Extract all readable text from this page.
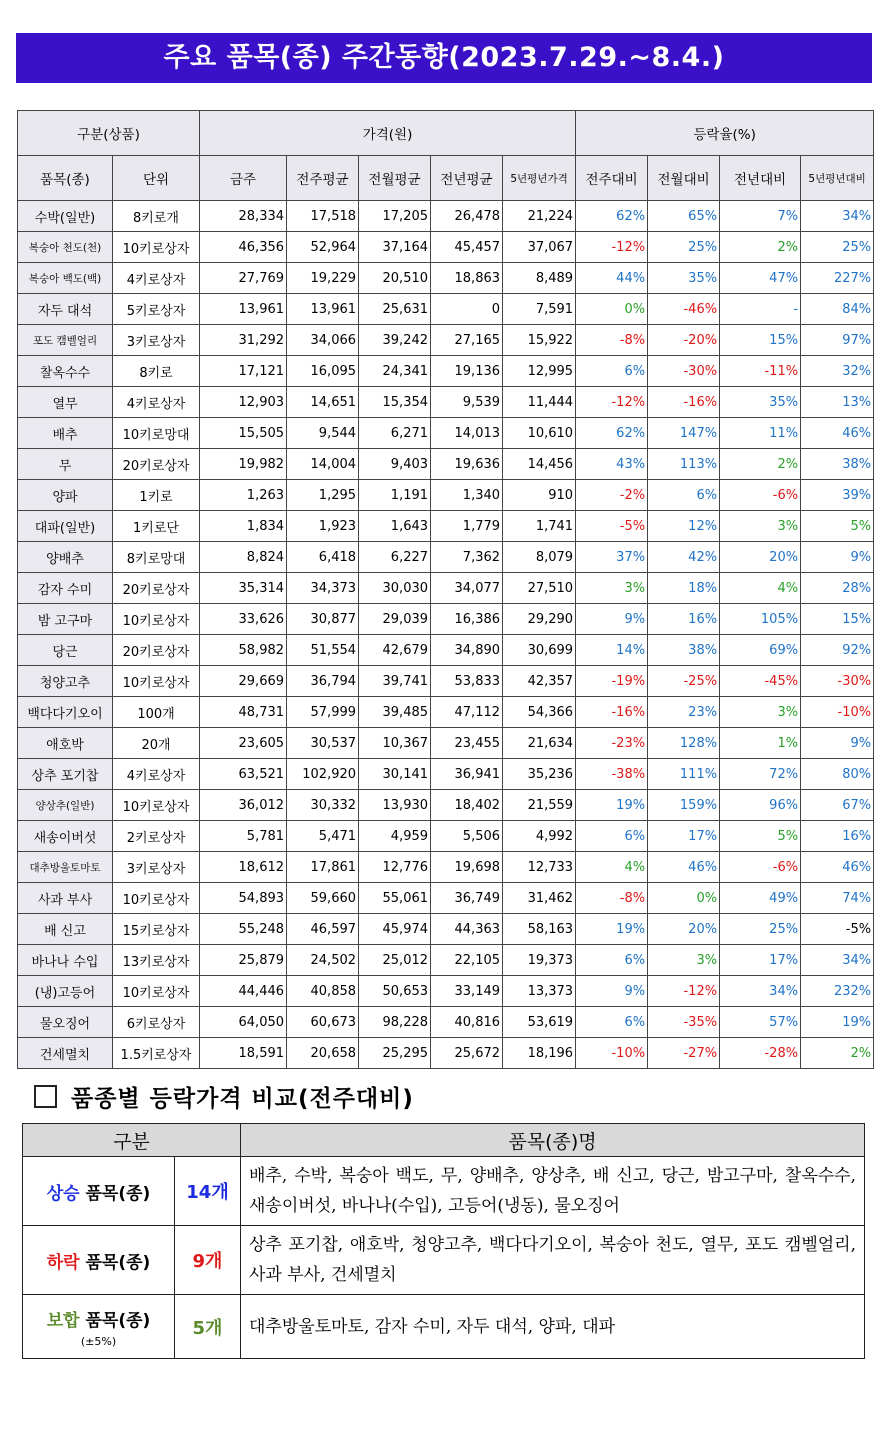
주요 품목(종) 주간동향(2023.7.29.~8.4.)
구분(상품)		가격(원)					등락율(%)			
품목(종)	단위	금주	전주평균	전월평균	전년평균	5년평년가격	전주대비	전월대비	전년대비	5년평년대비
수박(일반)	8키로개	28,334	17,518	17,205	26,478	21,224	62%	65%	7%	34%
복숭아 천도(천)	10키로상자	46,356	52,964	37,164	45,457	37,067	-12%	25%	2%	25%
복숭아 백도(백)	4키로상자	27,769	19,229	20,510	18,863	8,489	44%	35%	47%	227%
자두 대석	5키로상자	13,961	13,961	25,631	0	7,591	0%	-46%	-	84%
포도 캠벨얼리	3키로상자	31,292	34,066	39,242	27,165	15,922	-8%	-20%	15%	97%
찰옥수수	8키로	17,121	16,095	24,341	19,136	12,995	6%	-30%	-11%	32%
열무	4키로상자	12,903	14,651	15,354	9,539	11,444	-12%	-16%	35%	13%
배추	10키로망대	15,505	9,544	6,271	14,013	10,610	62%	147%	11%	46%
무	20키로상자	19,982	14,004	9,403	19,636	14,456	43%	113%	2%	38%
양파	1키로	1,263	1,295	1,191	1,340	910	-2%	6%	-6%	39%
대파(일반)	1키로단	1,834	1,923	1,643	1,779	1,741	-5%	12%	3%	5%
양배추	8키로망대	8,824	6,418	6,227	7,362	8,079	37%	42%	20%	9%
감자 수미	20키로상자	35,314	34,373	30,030	34,077	27,510	3%	18%	4%	28%
밤 고구마	10키로상자	33,626	30,877	29,039	16,386	29,290	9%	16%	105%	15%
당근	20키로상자	58,982	51,554	42,679	34,890	30,699	14%	38%	69%	92%
청양고추	10키로상자	29,669	36,794	39,741	53,833	42,357	-19%	-25%	-45%	-30%
백다다기오이	100개	48,731	57,999	39,485	47,112	54,366	-16%	23%	3%	-10%
애호박	20개	23,605	30,537	10,367	23,455	21,634	-23%	128%	1%	9%
상추 포기찹	4키로상자	63,521	102,920	30,141	36,941	35,236	-38%	111%	72%	80%
양상추(일반)	10키로상자	36,012	30,332	13,930	18,402	21,559	19%	159%	96%	67%
새송이버섯	2키로상자	5,781	5,471	4,959	5,506	4,992	6%	17%	5%	16%
대추방울토마토	3키로상자	18,612	17,861	12,776	19,698	12,733	4%	46%	-6%	46%
사과 부사	10키로상자	54,893	59,660	55,061	36,749	31,462	-8%	0%	49%	74%
배 신고	15키로상자	55,248	46,597	45,974	44,363	58,163	19%	20%	25%	-5%
바나나 수입	13키로상자	25,879	24,502	25,012	22,105	19,373	6%	3%	17%	34%
(냉)고등어	10키로상자	44,446	40,858	50,653	33,149	13,373	9%	-12%	34%	232%
물오징어	6키로상자	64,050	60,673	98,228	40,816	53,619	6%	-35%	57%	19%
건세멸치	1.5키로상자	18,591	20,658	25,295	25,672	18,196	-10%	-27%	-28%	2%
품종별 등락가격 비교(전주대비)
구분		품목(종)명
상승 품목(종)	14개	배추, 수박, 복숭아 백도, 무, 양배추, 양상추, 배 신고, 당근, 밤고구마, 찰옥수수, 새송이버섯, 바나나(수입), 고등어(냉동), 물오징어
하락 품목(종)	9개	상추 포기찹, 애호박, 청양고추, 백다다기오이, 복숭아 천도, 열무, 포도 캠벨얼리, 사과 부사, 건세멸치
보합 품목(종)
(±5%)	5개	대추방울토마토, 감자 수미, 자두 대석, 양파, 대파
